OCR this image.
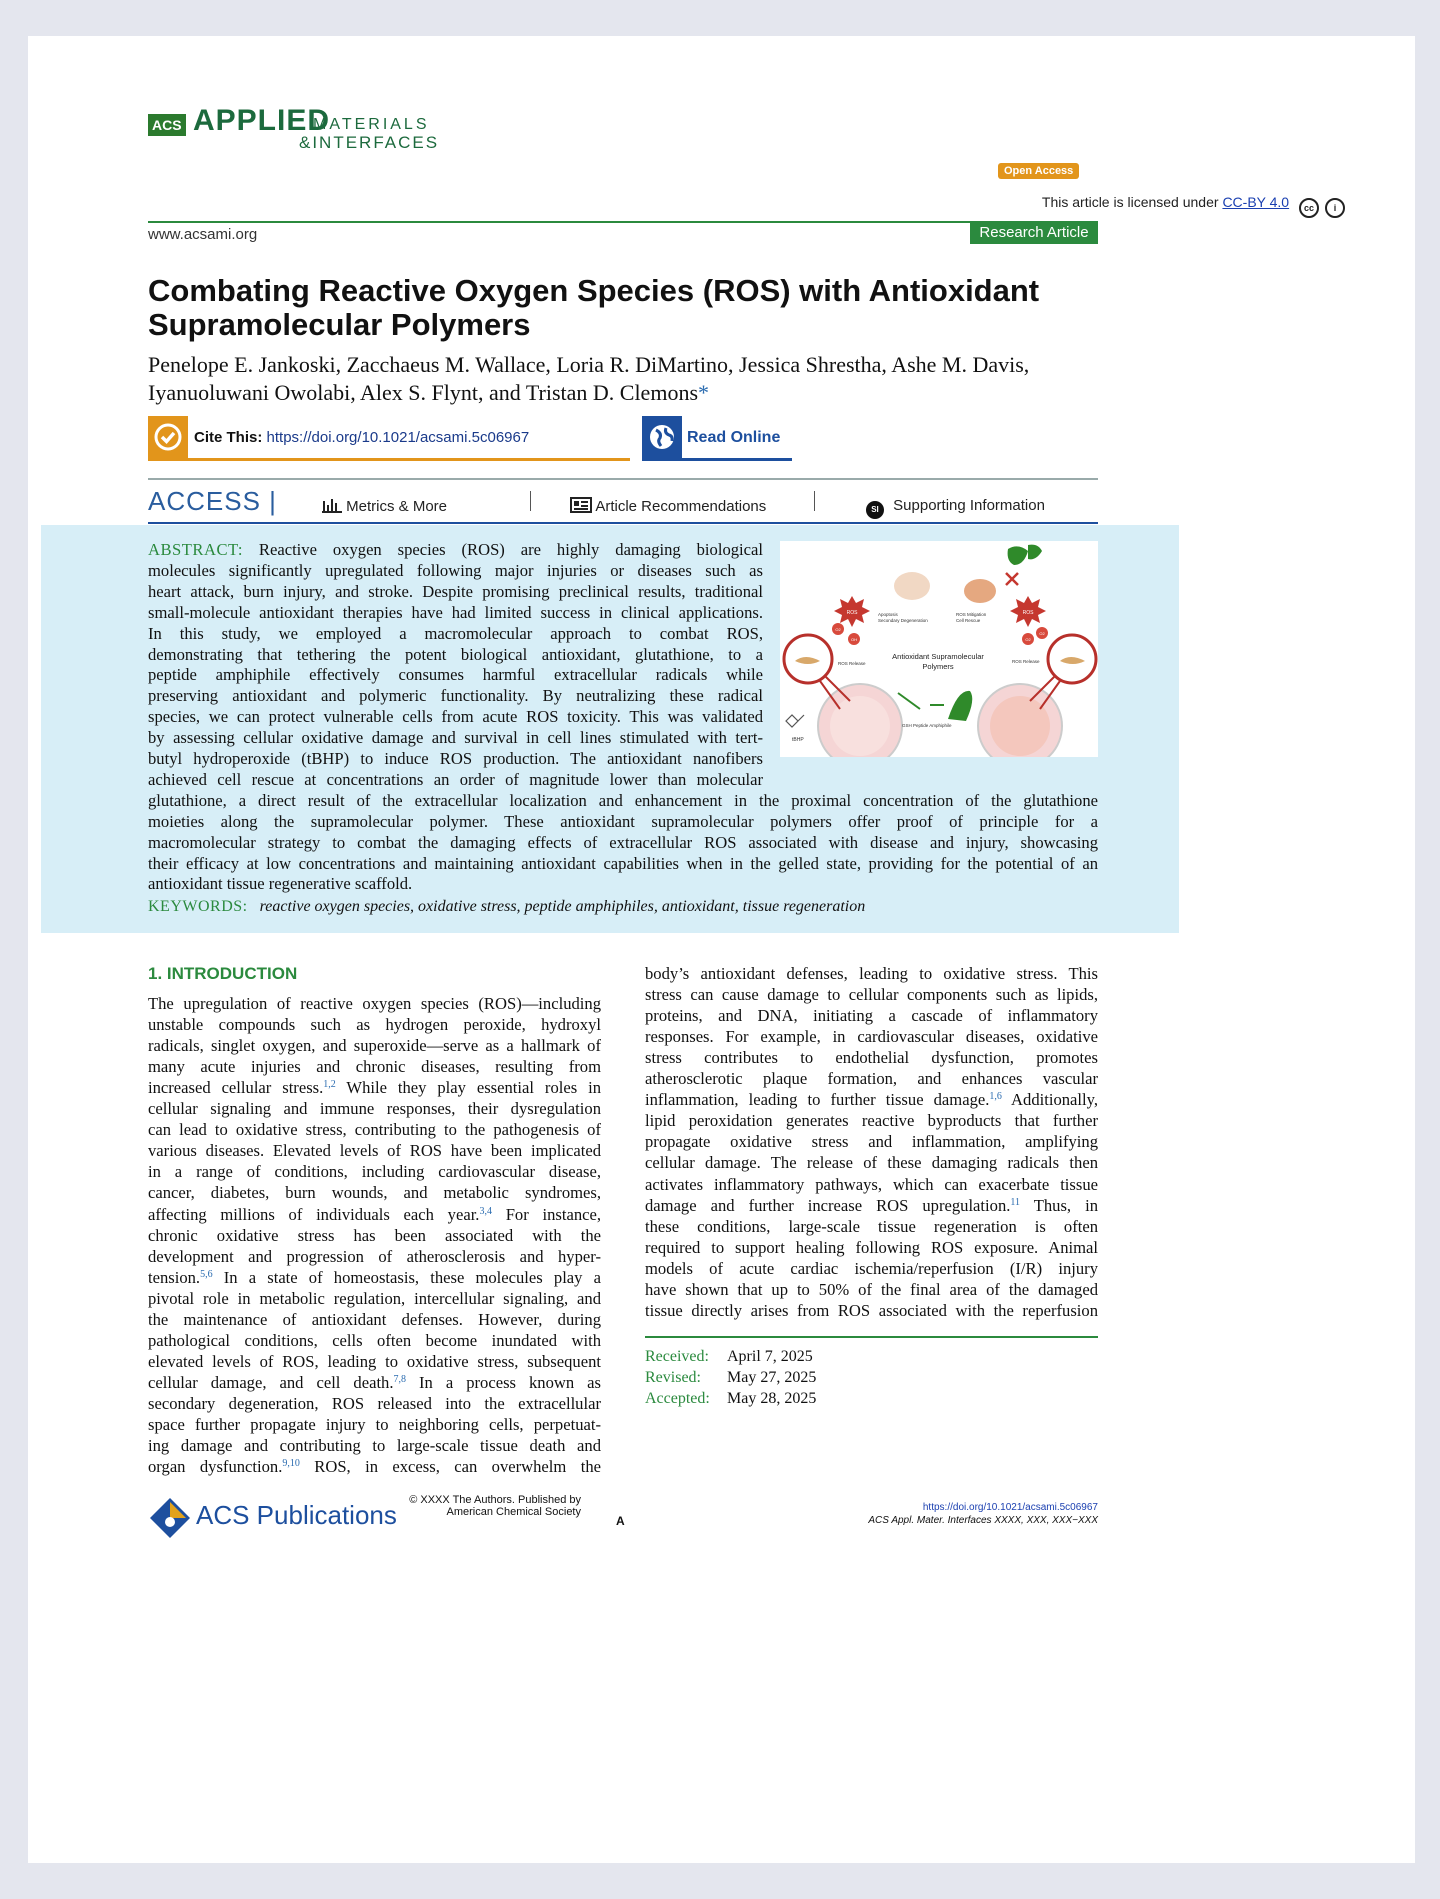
ACS APPLIED
MATERIALS
&INTERFACES
Open Access
This article is licensed under CC-BY 4.0 cc i
www.acsami.org	Research Article
Combating Reactive Oxygen Species (ROS) with Antioxidant
Supramolecular Polymers
Penelope E. Jankoski, Zacchaeus M. Wallace, Loria R. DiMartino, Jessica Shrestha, Ashe M. Davis,
Iyanuoluwani Owolabi, Alex S. Flynt, and Tristan D. Clemons*
Cite This: https://doi.org/10.1021/acsami.5c06967	Read Online
ACCESS |	Metrics & More	Article Recommendations	SI Supporting Information
ABSTRACT: Reactive oxygen species (ROS) are highly damaging biological
molecules significantly upregulated following major injuries or diseases such as
heart attack, burn injury, and stroke. Despite promising preclinical results, traditional
small-molecule antioxidant therapies have had limited success in clinical applications.
In this study, we employed a macromolecular approach to combat ROS,
demonstrating that tethering the potent biological antioxidant, glutathione, to a
peptide amphiphile effectively consumes harmful extracellular radicals while
preserving antioxidant and polymeric functionality. By neutralizing these radical
species, we can protect vulnerable cells from acute ROS toxicity. This was validated
by assessing cellular oxidative damage and survival in cell lines stimulated with tert-
butyl hydroperoxide (tBHP) to induce ROS production. The antioxidant nanofibers
achieved cell rescue at concentrations an order of magnitude lower than molecular
glutathione, a direct result of the extracellular localization and enhancement in the proximal concentration of the glutathione
moieties along the supramolecular polymer. These antioxidant supramolecular polymers offer proof of principle for a
macromolecular strategy to combat the damaging effects of extracellular ROS associated with disease and injury, showcasing
their efficacy at low concentrations and maintaining antioxidant capabilities when in the gelled state, providing for the potential of an
antioxidant tissue regenerative scaffold.
KEYWORDS: reactive oxygen species, oxidative stress, peptide amphiphiles, antioxidant, tissue regeneration
ROS	ROS
O2
OH	O2
O2
Apoptosis
Secondary Degeneration
ROS Mitigation
Cell Rescue
ROS Release	ROS Release
Antioxidant Supramolecular
Polymers
GSH Peptide Amphiphile
tBHP
1. INTRODUCTION
The upregulation of reactive oxygen species (ROS)—including
unstable compounds such as hydrogen peroxide, hydroxyl
radicals, singlet oxygen, and superoxide—serve as a hallmark of
many acute injuries and chronic diseases, resulting from
increased cellular stress.$^{1,2}$ While they play essential roles in
cellular signaling and immune responses, their dysregulation
can lead to oxidative stress, contributing to the pathogenesis of
various diseases. Elevated levels of ROS have been implicated
in a range of conditions, including cardiovascular disease,
cancer, diabetes, burn wounds, and metabolic syndromes,
affecting millions of individuals each year.$^{3,4}$ For instance,
chronic oxidative stress has been associated with the
development and progression of atherosclerosis and hyper-
tension.$^{5,6}$ In a state of homeostasis, these molecules play a
pivotal role in metabolic regulation, intercellular signaling, and
the maintenance of antioxidant defenses. However, during
pathological conditions, cells often become inundated with
elevated levels of ROS, leading to oxidative stress, subsequent
cellular damage, and cell death.$^{7,8}$ In a process known as
secondary degeneration, ROS released into the extracellular
space further propagate injury to neighboring cells, perpetuat-
ing damage and contributing to large-scale tissue death and
organ dysfunction.$^{9,10}$ ROS, in excess, can overwhelm the
body’s antioxidant defenses, leading to oxidative stress. This
stress can cause damage to cellular components such as lipids,
proteins, and DNA, initiating a cascade of inflammatory
responses. For example, in cardiovascular diseases, oxidative
stress contributes to endothelial dysfunction, promotes
atherosclerotic plaque formation, and enhances vascular
inflammation, leading to further tissue damage.$^{1,6}$ Additionally,
lipid peroxidation generates reactive byproducts that further
propagate oxidative stress and inflammation, amplifying
cellular damage. The release of these damaging radicals then
activates inflammatory pathways, which can exacerbate tissue
damage and further increase ROS upregulation.$^{11}$ Thus, in
these conditions, large-scale tissue regeneration is often
required to support healing following ROS exposure. Animal
models of acute cardiac ischemia/reperfusion (I/R) injury
have shown that up to 50% of the final area of the damaged
tissue directly arises from ROS associated with the reperfusion
Received: April 7, 2025
Revised: May 27, 2025
Accepted: May 28, 2025
ACS Publications	© XXXX The Authors. Published by
American Chemical Society
A
https://doi.org/10.1021/acsami.5c06967
ACS Appl. Mater. Interfaces XXXX, XXX, XXX−XXX
